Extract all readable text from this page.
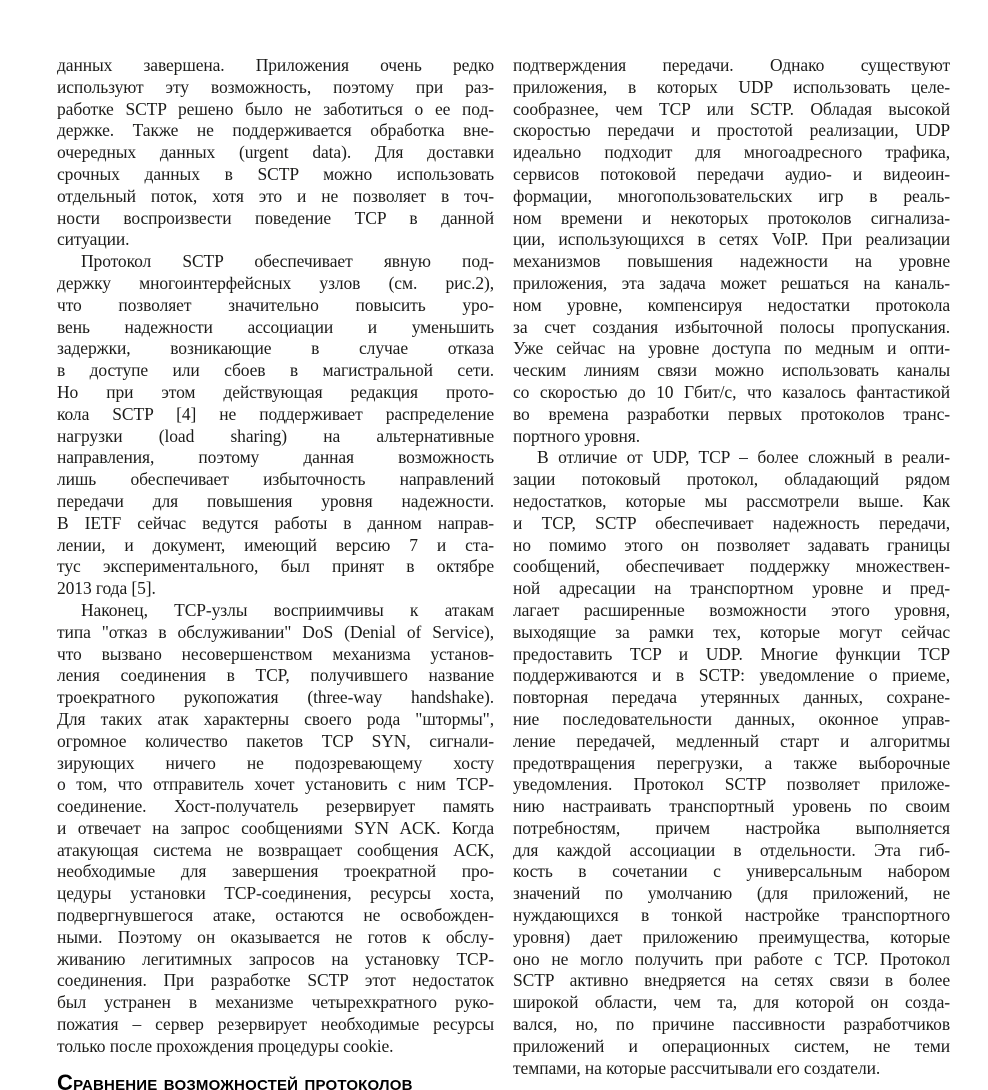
данных завершена. Приложения очень редко
используют эту возможность, поэтому при раз-
работке SCTP решено было не заботиться о ее под-
держке. Также не поддерживается обработка вне-
очередных данных (urgent data). Для доставки
срочных данных в SCTP можно использовать
отдельный поток, хотя это и не позволяет в точ-
ности воспроизвести поведение TCP в данной
ситуации.
Протокол SCTP обеспечивает явную под-
держку многоинтерфейсных узлов (см. рис.2),
что позволяет значительно повысить уро-
вень надежности ассоциации и уменьшить
задержки, возникающие в случае отказа
в доступе или сбоев в магистральной сети.
Но при этом действующая редакция прото-
кола SCTP [4] не поддерживает распределение
нагрузки (load sharing) на альтернативные
направления, поэтому данная возможность
лишь обеспечивает избыточность направлений
передачи для повышения уровня надежности.
В IETF сейчас ведутся работы в данном направ-
лении, и документ, имеющий версию 7 и ста-
тус экспериментального, был принят в октябре
2013 года [5].
Наконец, TCP-узлы восприимчивы к атакам
типа "отказ в обслуживании" DoS (Denial of Service),
что вызвано несовершенством механизма установ-
ления соединения в TCP, получившего название
троекратного рукопожатия (three-way handshake).
Для таких атак характерны своего рода "штормы",
огромное количество пакетов TCP SYN, сигнали-
зирующих ничего не подозревающему хосту
о том, что отправитель хочет установить с ним TCP-
соединение. Хост-получатель резервирует память
и отвечает на запрос сообщениями SYN ACK. Когда
атакующая система не возвращает сообщения ACK,
необходимые для завершения троекратной про-
цедуры установки TCP-соединения, ресурсы хоста,
подвергнувшегося атаке, остаются не освобожден-
ными. Поэтому он оказывается не готов к обслу-
живанию легитимных запросов на установку TCP-
соединения. При разработке SCTP этот недостаток
был устранен в механизме четырехкратного руко-
пожатия – сервер резервирует необходимые ресурсы
только после прохождения процедуры cookie.
Сравнение возможностей протоколов
подтверждения передачи. Однако существуют
приложения, в которых UDP использовать целе-
сообразнее, чем TCP или SCTP. Обладая высокой
скоростью передачи и простотой реализации, UDP
идеально подходит для многоадресного трафика,
сервисов потоковой передачи аудио- и видеоин-
формации, многопользовательских игр в реаль-
ном времени и некоторых протоколов сигнализа-
ции, использующихся в сетях VoIP. При реализации
механизмов повышения надежности на уровне
приложения, эта задача может решаться на каналь-
ном уровне, компенсируя недостатки протокола
за счет создания избыточной полосы пропускания.
Уже сейчас на уровне доступа по медным и опти-
ческим линиям связи можно использовать каналы
со скоростью до 10 Гбит/с, что казалось фантастикой
во времена разработки первых протоколов транс-
портного уровня.
В отличие от UDP, TCP – более сложный в реали-
зации потоковый протокол, обладающий рядом
недостатков, которые мы рассмотрели выше. Как
и TCP, SCTP обеспечивает надежность передачи,
но помимо этого он позволяет задавать границы
сообщений, обеспечивает поддержку множествен-
ной адресации на транспортном уровне и пред-
лагает расширенные возможности этого уровня,
выходящие за рамки тех, которые могут сейчас
предоставить TCP и UDP. Многие функции TCP
поддерживаются и в SCTP: уведомление о приеме,
повторная передача утерянных данных, сохране-
ние последовательности данных, оконное управ-
ление передачей, медленный старт и алгоритмы
предотвращения перегрузки, а также выборочные
уведомления. Протокол SCTP позволяет приложе-
нию настраивать транспортный уровень по своим
потребностям, причем настройка выполняется
для каждой ассоциации в отдельности. Эта гиб-
кость в сочетании с универсальным набором
значений по умолчанию (для приложений, не
нуждающихся в тонкой настройке транспортного
уровня) дает приложению преимущества, которые
оно не могло получить при работе с TCP. Протокол
SCTP активно внедряется на сетях связи в более
широкой области, чем та, для которой он созда-
вался, но, по причине пассивности разработчиков
приложений и операционных систем, не теми
темпами, на которые рассчитывали его создатели.
